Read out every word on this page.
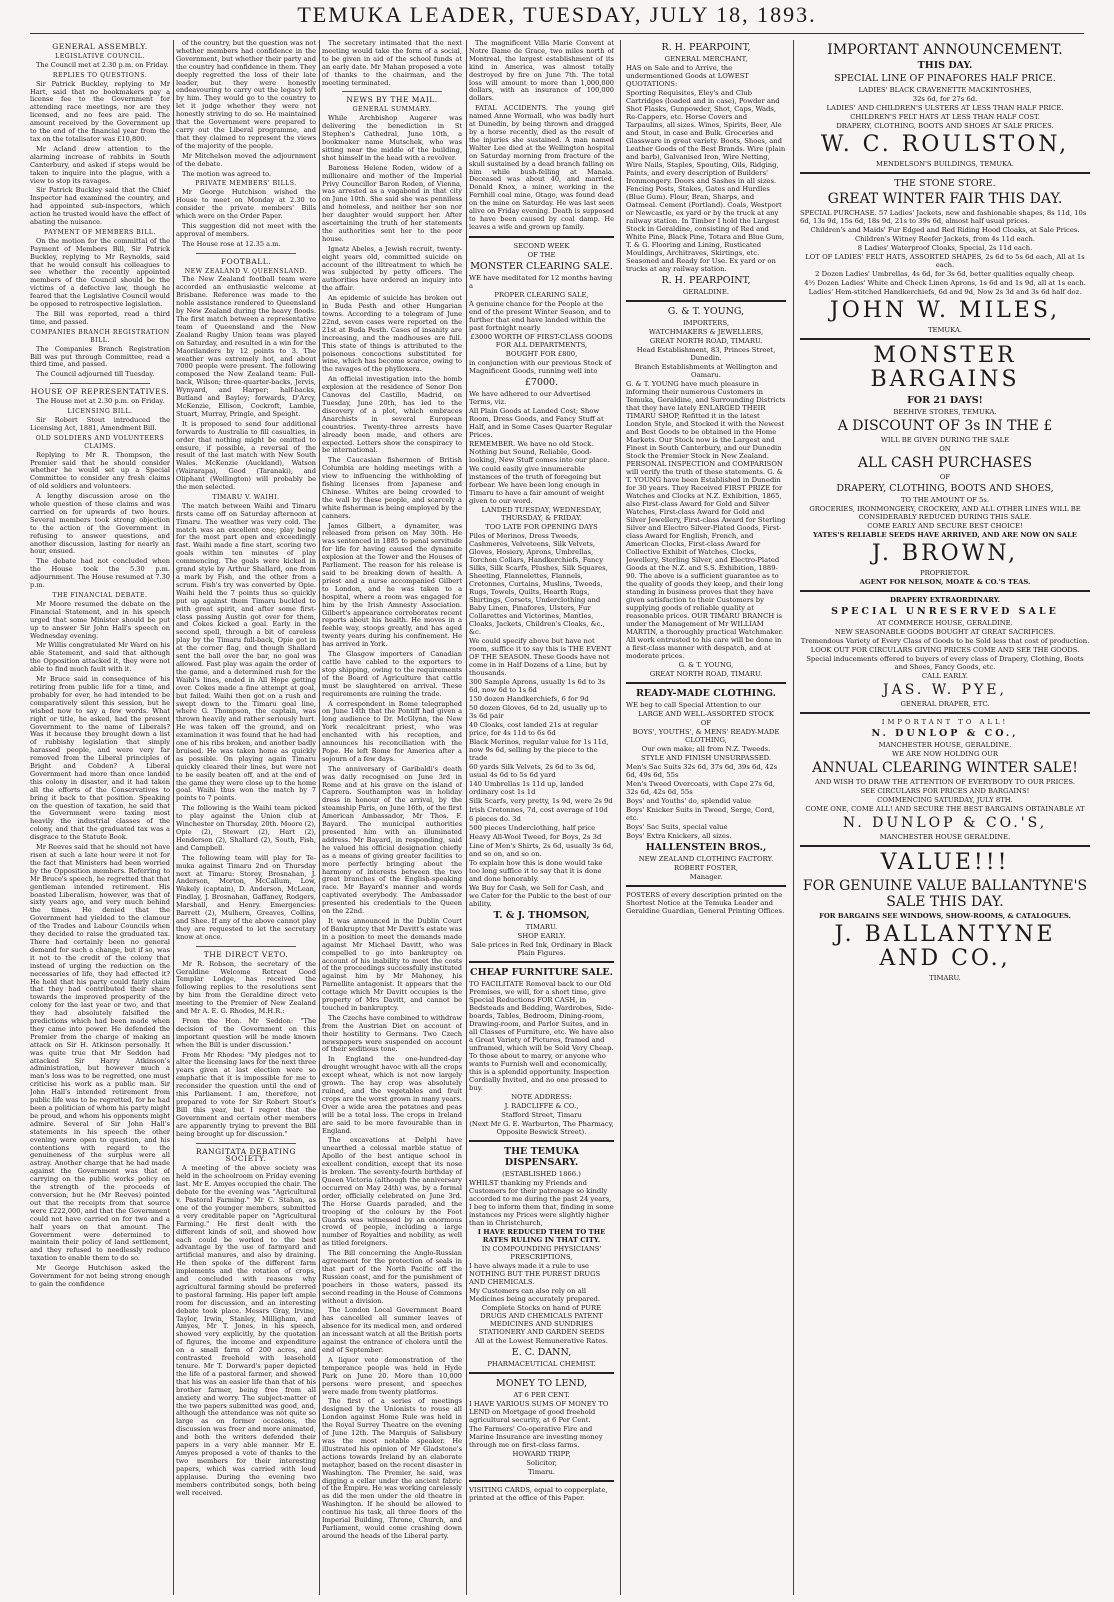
TEMUKA LEADER, TUESDAY, JULY 18, 1893.
GENERAL ASSEMBLY.
LEGISLATIVE COUNCIL.

The Council met at 2.30 p.m. on Friday.

REPLIES TO QUESTIONS.

Sir Patrick Buckley, replying to Mr Hart, said that no bookmakers pay a license fee to the Government for attending race meetings, nor are they licensed, and no fees are paid. The amount received by the Government up to the end of the financial year from the tax on the totalisator was £10,800.

Mr Acland drew attention to the alarming increase of rabbits in South Canterbury, and asked if steps would be taken to inquire into the plague, with a view to stop its ravages.

Sir Patrick Buckley said that the Chief Inspector had examined the country, and had appointed sub-inspectors, which action he trusted would have the effect of abating the nuisance.

PAYMENT OF MEMBERS BILL.

On the motion for the committal of the Payment of Members Bill, Sir Patrick Buckley, replying to Mr Reynolds, said that he would consult his colleagues to see whether the recently appointed members of the Council should be the victims of a defective law, though he feared that the Legislative Council would be opposed to retrospective legislation.

The Bill was reported, read a third time, and passed.

COMPANIES BRANCH REGISTRATION BILL.

The Companies Branch Registration Bill was put through Committee, read a third time, and passed.

The Council adjourned till Tuesday.

HOUSE OF REPRESENTATIVES.

The House met at 2.30 p.m. on Friday.

LICENSING BILL.

Sir Robert Stout introduced the Licensing Act, 1881, Amendment Bill.

OLD SOLDIERS AND VOLUNTEERS CLAIMS.

Replying to Mr R. Thompson, the Premier said that he should consider whether he would set up a Special Committee to consider any fresh claims of old soldiers and volunteers.

A lengthy discussion arose on the whole question of these claims and was carried on for upwards of two hours. Several members took strong objection to the action of the Government in refusing to answer questions, and another discussion, lasting for nearly an hour, ensued.

The debate had not concluded when the House took the 5.30 p.m. adjournment. The House resumed at 7.30 p.m.

THE FINANCIAL DEBATE.

Mr Moore resumed the debate on the Financial Statement, and in his speech urged that some Minister should be put up to answer Sir John Hall's speech on Wednesday evening.

Mr Willis congratulated Mr Ward on his able Statement, and said that although the Opposition attacked it, they were not able to find much fault with it.

Mr Bruce said in consequence of his retiring from public life for a time, and probably for ever, he had intended to be comparatively silent this session, but he wished now to say a few words. What right or title, he asked, had the present Government to the name of Liberals? Was it because they brought down a list of rubbishy legislation that simply harassed people, and were very far removed from the Liberal principles of Bright and Cobden? A Liberal Government had more than once landed this colony in disaster, and it had taken all the efforts of the Conservatives to bring it back to that position. Speaking on the question of taxation, he said that the Government were taxing most heavily the industrial classes of the colony, and that the graduated tax was a disgrace to the Statute Book.

Mr Reeves said that he should not have risen at such a late hour were it not for the fact that Ministers had been worried by the Opposition members. Referring to Mr Bruce's speech, he regretted that that gentleman intended retirement. His boasted Liberalism, however, was that of sixty years ago, and very much behind the times. He denied that the Government had yielded to the clamour of the Trades and Labour Councils when they decided to raise the graduated tax. There had certainly been no general demand for such a change, but if so, was it not to the credit of the colony that instead of urging the reduction on the necessaries of life, they had effected it? He held that his party could fairly claim that they had contributed their share towards the improved prosperity of the colony for the last year or two, and that they had absolutely falsified the predictions which had been made when they came into power. He defended the Premier from the charge of making an attack on Sir H. Atkinson personally. It was quite true that Mr Seddon had attacked Sir Harry Atkinson's administration, but however much a man's loss was to be regretted, one must criticise his work as a public man. Sir John Hall's intended retirement from public life was to be regretted, for he had been a politician of whom his party might be proud, and whom his opponents might admire. Several of Sir John Hall's statements in his speech the other evening were open to question, and his contentions with regard to the genuineness of the surplus were all astray. Another charge that he had made against the Government was that of carrying on the public works policy on the strength of the proceeds of conversion, but he (Mr Reeves) pointed out that the receipts from that source were £222,000, and that the Government could not have carried on for two and a half years on that amount. The Government were determined to maintain their policy of land settlement, and they refused to needlessly reduce taxation to enable them to do so.

Mr George Hutchison asked the Government for not being strong enough to gain the confidence

of the country, but the question was not whether members had confidence in the Government, but whether their party and the country had confidence in them. They deeply regretted the loss of their late leader, but they were honestly endeavouring to carry out the legacy left by him. They would go to the country to let it judge whether they were not honestly striving to do so. He maintained that the Government were prepared to carry out the Liberal programme, and that they claimed to represent the views of the majority of the people.

Mr Mitchelson moved the adjournment of the debate.

The motion was agreed to.

PRIVATE MEMBERS' BILLS.

Mr George Hutchison wished the House to meet on Monday at 2.30 to consider the private members' Bills which were on the Order Paper.

This suggestion did not meet with the approval of members.

The House rose at 12.35 a.m.

FOOTBALL.
NEW ZEALAND V. QUEENSLAND.

The New Zealand football team were accorded an enthusiastic welcome at Brisbane. Reference was made to the noble assistance rendered to Queensland by New Zealand during the heavy floods. The first match between a representative team of Queensland and the New Zealand Rugby Union team was played on Saturday, and resulted in a win for the Maorilanders by 12 points to 3. The weather was extremely hot, and about 7000 people were present. The following composed the New Zealand team: Full-back, Wilson; three-quarter-backs, Jervis, Wynyard, and Harper; half-backs, Butland and Bayley; forwards, D'Arcy, McKenzie, Ellison, Cockroft, Lambie, Stuart, Murray, Pringle, and Speight.

It is proposed to send four additional forwards to Australia to fill casualties, in order that nothing might be omitted to ensure, if possible, a reversal of the result of the last match with New South Wales. McKenzie (Auckland), Watson (Wairarapa), Good (Taranaki), and Oliphant (Wellington) will probably be the men selected.

TIMARU V. WAIHI.

The match between Waihi and Timaru firsts came off on Saturday afternoon at Timaru. The weather was very cold. The match was an excellent one; play being for the most part open and exceedingly fast. Waihi made a fine start, scoring two goals within ten minutes of play commencing. The goals were kicked in grand style by Arthur Shallard, one from a mark by Fish, and the other from a scrum. Fish's try was converted by Opie. Waihi held the 7 points thus so quickly put up against them Timaru buckled to with great spirit, and after some first-class passing Austin got over for them, and Cokes kicked a goal. Early in the second spell, through a bit of careless play by the Timaru full-back, Opie got in at the corner flag, and though Shallard sent the ball over the bar, no goal was allowed. Fast play was again the order of the game, and a determined rush for the Waihi's lines, ended in All Hope getting over. Cokes made a fine attempt at goal, but failed. Waihi then got on a rush and swept down to the Timaru goal line, where G. Thompson, the captain, was thrown heavily and rather seriously hurt. He was taken off the ground, and on examination it was found that he had had one of his ribs broken, and another badly bruised. He was taken home as quickly as possible. On playing again Timaru quickly cleared their lines, but were not to be easily beaten off, and at the end of the game they were close up to the home goal. Waihi thus won the match by 7 points to 7 points.

The following is the Waihi team picked to play against the Union club at Winchester on Thursday, 20th. Moore (2), Opie (2), Stewart (2), Hart (2), Henderson (2), Shallard (2), South, Fish, and Campbell.

The following team will play for Te-muka against Timaru 2nd on Thursday next at Timaru: Storey, Brosnahan, J. Anderson, Morton, McCallum, Low, Wakely (captain), D. Anderson, McLean, Findlay, J. Brosnahan, Gaffaney, Rodgers, Marshall, and Henry. Emergencies: Barrett (2), Mulhern, Greaves, Collins, and Shee. If any of the above cannot play they are requested to let the secretary know at once.

THE DIRECT VETO.

Mr R. Robson, the secretary of the Geraldine Welcome Retreat Good Templar Lodge, has received the following replies to the resolutions sent by him from the Geraldine direct veto meeting to the Premier of New Zealand and Mr A. E. G. Rhodes, M.H.R.:

From the Hon. Mr Seddon: "The decision of the Government on this important question will be made known when the Bill is under discussion."

From Mr Rhodes: "My pledges not to alter the licensing laws for the next three years given at last election were so emphatic that it is impossible for me to reconsider the question until the end of this Parliament. I am, therefore, not prepared to vote for Sir Robert Stout's Bill this year, but I regret that the Government and certain other members are apparently trying to prevent the Bill being brought up for discussion."

RANGITATA DEBATING SOCIETY.

A meeting of the above society was held in the schoolroom on Friday evening last. Mr E. Amyes occupied the chair. The debate for the evening was "Agricultural v. Pastoral Farming." Mr C. Stahan, as one of the younger members, submitted a very creditable paper on "Agricultural Farming." He first dealt with the different kinds of soil, and showed how each could be worked to the best advantage by the use of farmyard and artificial manures, and also by draining. He then spoke of the different farm implements and the rotation of crops, and concluded with reasons why agricultural farming should be preferred to pastoral farming. His paper left ample room for discussion, and an interesting debate took place. Messrs Gray, Irvine, Taylor, Irwin, Stanley, Milligham, and Amyes, Mr T. Jones, in his speech, showed very explicitly, by the quotation of figures, the income and expenditure on a small farm of 200 acres, and contrasted freehold with leasehold tenure. Mr T. Dorward's paper depicted the life of a pastoral farmer, and showed that his was an easier life than that of his brother farmer, being free from all anxiety and worry. The subject-matter of the two papers submitted was good, and, although the attendance was not quite so large as on former occasions, the discussion was freer and more animated, and both the writers defended their papers in a very able manner. Mr E. Amyes proposed a vote of thanks to the two members for their interesting papers, which was carried with loud applause. During the evening two members contributed songs, both being well received.

The secretary intimated that the next meeting would take the form of a social, to be given in aid of the school funds at an early date. Mr Mahan proposed a vote of thanks to the chairman, and the meeting terminated.

NEWS BY THE MAIL.
GENERAL SUMMARY.

While Archbishop Augerer was delivering the benediction in St Stephen's Cathedral, June 10th, a bookmaker name Mutschek, who was sitting near the middle of the building, shot himself in the head with a revolver.

Baroness Helene Roden, widow of a millionaire and mother of the Imperial Privy Councillor Baron Roden, of Vienna, was arrested as a vagabond in that city on June 10th. She said she was penniless and homeless, and neither her son nor her daughter would support her. After ascertaining the truth of her statements the authorities sent her to the poor house.

Ignatz Abeles, a Jewish recruit, twenty-eight years old, committed suicide on account of the illtreatment to which he was subjected by petty officers. The authorities have ordered an inquiry into the affair.

An epidemic of suicide has broken out in Buda Pesth and other Hungarian towns. According to a telegram of June 22nd, seven cases were reported on the 21st at Buda Pesth. Cases of insanity are increasing, and the madhouses are full. This state of things is attributed to the poisonous concoctions substituted for wine, which has become scarce, owing to the ravages of the phylloxera.

An official investigation into the bomb explosion at the residence of Senor Don Canovas del Castillo, Madrid, on Tuesday, June 20th, has led to the discovery of a plot, which embraces Anarchists in several European countries. Twenty-three arrests have already been made, and others are expected. Letters show the conspiracy to be international.

The Caucasian fishermen of British Columbia are holding meetings with a view to influencing the withholding of fishing licenses from Japanese and Chinese. Whites are being crowded to the wall by these people, and scarcely a white fisherman is being employed by the canners.

James Gilbert, a dynamiter, was released from prison on May 30th. He was sentenced in 1885 to penal servitude for life for having caused the dynamite explosion at the Tower and the Houses of Parliament. The reason for his release is said to be breaking down of health. A priest and a nurse accompanied Gilbert to London, and he was taken to a hospital, where a room was engaged for him by the Irish Amnesty Association. Gilbert's appearance corroborates recent reports about his health. He moves in a feeble way, stoops greatly, and has aged twenty years during his confinement. He has arrived in York.

The Glasgow importers of Canadian cattle have cabled to the exporters to stop shipping, owing to the requirements of the Board of Agriculture that cattle must be slaughtered on arrival. These requirements are ruining the trade.

A correspondent in Rome telegraphed on June 14th that the Pontiff had given a long audience to Dr. McGlynn, the New York recalcitrant priest, who was enchanted with his reception, and announces his reconciliation with the Pope. He left Rome for America after a sojourn of a few days.

The anniversary of Garibaldi's death was daily recognised on June 3rd in Rome and at his grave on the island of Caprera. Southampton was in holiday dress in honour of the arrival, by the steamship Paris, on June 16th, of the first American Ambassador, Mr Thos. F. Bayard. The municipal authorities presented him with an illuminated address. Mr Bayard, in responding, said he valued his official designation chiefly as a means of giving greater facilities to more perfectly bringing about the harmony of interests between the two great branches of the English-speaking race. Mr Bayard's manner and words captivated everybody. The Ambassador presented his credentials to the Queen on the 22nd.

It was announced in the Dublin Court of Bankruptcy that Mr Davitt's estate was in a position to meet the demands made against Mr Michael Davitt, who was compelled to go into bankruptcy on account of his inability to meet the costs of the proceedings successfully instituted against him by Mr Mahoney, his Parnellite antagonist. It appears that the cottage which Mr Davitt occupies is the property of Mrs Davitt, and cannot be touched in bankruptcy.

The Czechs have combined to withdraw from the Austrian Diet on account of their hostility to Germans. Two Czech newspapers were suspended on account of their seditious tone.

In England the one-hundred-day drought wrought havoc with all the crops except wheat, which is not now largely grown. The hay crop was absolutely ruined, and the vegetables and fruit crops are the worst grown in many years. Over a wide area the potatoes and peas will be a total loss. The crops in Ireland are said to be more favourable than in England.

The excavations at Delphi have unearthed a colossal marble statue of Apollo of the best antique school in excellent condition, except that its nose is broken. The seventy-fourth birthday of Queen Victoria (although the anniversary occurred on May 24th) was, by a formal order, officially celebrated on June 3rd. The Horse Guards paraded, and the trooping of the colours by the Foot Guards was witnessed by an enormous crowd of people, including a large number of Royalties and nobility, as well as titled foreigners.

The Bill concerning the Anglo-Russian agreement for the protection of seals in that part of the North Pacific off the Russian coast, and for the punishment of poachers in those waters, passed its second reading in the House of Commons without a division.

The London Local Government Board has cancelled all summer leaves of absence for its medical men, and ordered an incessant watch at all the British ports against the entrance of cholera until the end of September.

A liquor veto demonstration of the temperance people was held in Hyde Park on June 20. More than 10,000 persons were present, and speeches were made from twenty platforms.

The first of a series of meetings designed by the Unionists to rouse all London against Home Rule was held in the Royal Surrey Theatre on the evening of June 12th. The Marquis of Salisbury was the most notable speaker. He illustrated his opinion of Mr Gladstone's actions towards Ireland by an elaborate metaphor, based on the recent disaster in Washington. The Premier, he said, was digging a cellar under the ancient fabric of the Empire. He was working carelessly as did the men under the old theatre in Washington. If he should be allowed to continue his task, all three floors of the Imperial Building, Throne, Church, and Parliament, would come crashing down around the heads of the Liberal party.

The magnificent Villa Marie Convent at Notre Dame de Grace, two miles north of Montreal, the largest establishment of its kind in America, was almost totally destroyed by fire on June 7th. The total loss will amount to more than 1,000,000 dollars, with an insurance of 100,000 dollars.

FATAL ACCIDENTS. The young girl named Anne Wormall, who was badly hurt at Dunedin, by being thrown and dragged by a horse recently, died as the result of the injuries she sustained. A man named Walter Lee died at the Wellington hospital on Saturday morning from fracture of the skull sustained by a dead branch falling on him while bush-felling at Manaia. Deceased was about 40, and married. Donald Knox, a miner, working in the Fernhill coal mine, Otago, was found dead on the mine on Saturday. He was last seen alive on Friday evening. Death is supposed to have been caused by coal damp. He leaves a wife and grown up family.

SECOND WEEK
OF THE
MONSTER CLEARING SALE.
WE have meditated for 12 months having a
PROPER CLEARING SALE,
A genuine chance for the People at the end of the present Winter Season, and to further that end have landed within the past fortnight nearly
£3000 WORTH OF FIRST-CLASS GOODS FOR ALL DEPARTMENTS,
BOUGHT FOR £800,
in conjunction with our previous Stock of Magnificent Goods, running well into
£7000.
We have adhered to our Advertised Terms, viz.
All Plain Goods at Landed Cost; Show Room, Dress Goods, and Fancy Stuff at Half, and in Some Cases Quarter Regular Prices.
REMEMBER. We have no old Stock. Nothing but Sound, Reliable, Good-looking, New Stuff comes into our place.
We could easily give innumerable instances of the truth of foregoing but forbear. We have been long enough in Timaru to have a fair amount of weight given to our word.
LANDED TUESDAY, WEDNESDAY, THURSDAY, & FRIDAY.
TOO LATE FOR OPENING DAYS
Piles of Merinos, Dress Tweeds, Cashmeres, Velveteens, Silk Velvets, Gloves, Hosiery, Aprons, Umbrellas, Torchon Collars, Handkerchiefs, Fancy Silks, Silk Scarfs, Plushes, Silk Squares, Sheeting, Flannelettes, Flannels, Cretonnes, Curtains, Muslins, Tweeds, Rugs, Towels, Quilts, Hearth Rugs, Shirtings, Corsets, Underclothing and Baby Linen, Pinafores, Ulsters, Fur Collarettes and Victorines, Mantles, Cloaks, Jackets, Children's Cloaks, &c., &c.
We could specify above but have not room, suffice it to say this is THE EVENT OF THE SEASON. These Goods have not come in in Half Dozens of a Line, but by thousands.
300 Sample Aprons, usually 1s 6d to 3s 6d, now 6d to 1s 6d
150 dozen Handkerchiefs, 6 for 9d
50 dozen Gloves, 6d to 2d, usually up to 3s 6d pair
40 Cloaks, cost landed 21s at regular price, for 4s 11d to 6s 6d
Black Merinos, regular value for 1s 11d, now 9s 6d, selling by the piece to the trade
60 yards Silk Velvets, 2s 6d to 3s 6d, usual 4s 6d to 5s 6d yard
140 Umbrellas 1s 11d up, landed ordinary cost 1s 1d
Silk Scarfs, very pretty, 1s 9d, were 2s 9d
Irish Cretonnes, 7d, cost average of 10d
6 pieces do. 3d
500 pieces Underclothing, half price
Heavy All-Wool Tweed, for Boys, 2s 3d
Line of Men's Shirts, 2s 6d, usually 3s 6d, and so on, and so on.
To explain how this is done would take too long suffice it to say that it is done and done honorably.
We Buy for Cash, we Sell for Cash, and we Cater for the Public to the best of our ability.
T. & J. THOMSON,
TIMARU.
SHOP EARLY.
Sale prices in Red Ink, Ordinary in Black Plain Figures.
CHEAP FURNITURE SALE.
TO FACILITATE Removal back to our Old Premises, we will, for a short time, give Special Reductions FOR CASH, in Bedsteads and Bedding, Wardrobes, Side-boards, Tables, Bedroom, Dining-room, Drawing-room, and Parlor Suites, and in all Classes of Furniture, etc. We have also a Great Variety of Pictures, framed and unframed, which will be Sold Very Cheap. To those about to marry, or anyone who wants to Furnish well and economically, this is a splendid opportunity. Inspection Cordially Invited, and no one pressed to buy.
NOTE ADDRESS:
J. RADCLIFFE & CO.,
Stafford Street, Timaru
(Next Mr G. E. Warburton, The Pharmacy, Opposite Beswick Street).
THE TEMUKA DISPENSARY.
(ESTABLISHED 1866.)
WHILST thanking my Friends and Customers for their patronage so kindly accorded to me during the past 24 years, I beg to inform them that, finding in some instances my Prices were slightly higher than in Christchurch,
I HAVE REDUCED THEM TO THE RATES RULING IN THAT CITY.
IN COMPOUNDING PHYSICIANS' PRESCRIPTIONS,
I have always made it a rule to use NOTHING BUT THE PUREST DRUGS AND CHEMICALS.
My Customers can also rely on all Medicines being accurately prepared.
Complete Stocks on hand of PURE DRUGS AND CHEMICALS PATENT MEDICINES AND SUNDRIES STATIONERY AND GARDEN SEEDS
All at the Lowest Remunerative Rates.
E. C. DANN,
PHARMACEUTICAL CHEMIST.
MONEY TO LEND,
AT 6 PER CENT.
I HAVE VARIOUS SUMS OF MONEY TO LEND on Mortgage of good freehold agricultural security, at 6 Per Cent.
The Farmers' Co-operative Fire and Marine Insurance are investing money through me on first-class farms.
HOWARD TRIPP,
Solicitor,
Timaru.
VISITING CARDS, equal to copperplate, printed at the office of this Paper.
R. H. PEARPOINT,
GENERAL MERCHANT,
HAS on Sale and to Arrive, the undermentioned Goods at LOWEST QUOTATIONS:
Sporting Requisites, Eley's and Club Cartridges (loaded and in case), Powder and Shot Flasks, Gunpowder, Shot, Caps, Wads, Re-Cappers, etc. Horse Covers and Tarpaulins, all sizes. Wines, Spirits, Beer, Ale and Stout, in case and Bulk. Groceries and Glassware in great variety. Boots, Shoes, and Leather Goods of the Best Brands. Wire (plain and barb), Galvanised Iron, Wire Netting, Wire Nails, Staples, Spouting, Oils, Ridging, Paints, and every description of Builders' Ironmongery. Doors and Sashes in all sizes. Fencing Posts, Stakes, Gates and Hurdles (Blue Gum). Flour, Bran, Sharps, and Oatmeal. Cement (Portland). Coals, Westport or Newcastle, ex yard or by the truck at any railway station. In Timber I hold the Largest Stock in Geraldine, consisting of Red and White Pine, Black Pine, Totara and Blue Gum, T. & G. Flooring and Lining, Rusticated Mouldings, Architraves, Skirtings, etc. Seasoned and Ready for Use. Ex yard or on trucks at any railway station.
R. H. PEARPOINT,
GERALDINE.
G. & T. YOUNG,
IMPORTERS,
WATCHMAKERS & JEWELLERS,
GREAT NORTH ROAD, TIMARU.
Head Establishment, 83, Princes Street, Dunedin.
Branch Establishments at Wellington and Oamaru.
G. & T. YOUNG have much pleasure in informing their numerous Customers in Temuka, Geraldine, and Surrounding Districts that they have lately ENLARGED THEIR TIMARU SHOP, Refitted it in the latest London Style, and Stocked it with the Newest and Best Goods to be obtained in the Home Markets. Our Stock now is the Largest and Finest in South Canterbury, and our Dunedin Stock the Premier Stock in New Zealand. PERSONAL INSPECTION and COMPARISON will verify the truth of these statements. G. & T. YOUNG have been Established in Dunedin for 30 years. They Received FIRST PRIZE for Watches and Clocks at N.Z. Exhibition, 1865, also First-class Award for Gold and Silver Watches, First-class Award for Gold and Silver Jewellery, First-class Award for Sterling Silver and Electro Silver-Plated Goods, First-class Award for English, French, and American Clocks, First-class Award for Collective Exhibit of Watches, Clocks, Jewellery, Sterling Silver, and Electro-Plated Goods at the N.Z. and S.S. Exhibition, 1889-90. The above is a sufficient guarantee as to the quality of goods they keep, and their long standing in business proves that they have given satisfaction to their Customers by supplying goods of reliable quality at reasonable prices. OUR TIMARU BRANCH is under the Management of Mr WILLIAM MARTIN, a thoroughly practical Watchmaker. All work entrusted to his care will be done in a first-class manner with despatch, and at moderate prices.
G. & T. YOUNG,
GREAT NORTH ROAD, TIMARU.
READY-MADE CLOTHING.
WE beg to call Special Attention to our
LARGE AND WELL-ASSORTED STOCK
OF
BOYS', YOUTHS', & MENS' READY-MADE CLOTHING,
Our own make; all from N.Z. Tweeds.
STYLE AND FINISH UNSURPASSED.
Men's Sac Suits 32s 6d, 37s 6d, 39s 6d, 42s 6d, 49s 6d, 55s
Men's Tweed Overcoats, with Cape 27s 6d, 32s 6d, 42s 6d, 55s
Boys' and Youths' do, splendid value
Boys' Knicker Suits in Tweed, Serge, Cord, etc.
Boys' Sac Suits, special value
Boys' Extra Knickers, all sizes.
HALLENSTEIN BROS.,
NEW ZEALAND CLOTHING FACTORY.
ROBERT FOSTER,
Manager.
POSTERS of every description printed on the Shortest Notice at the Temuka Leader and Geraldine Guardian, General Printing Offices.
IMPORTANT ANNOUNCEMENT.
THIS DAY.
SPECIAL LINE OF PINAFORES HALF PRICE.
LADIES' BLACK CRAVENETTE MACKINTOSHES,
32s 6d, for 27s 6d.
LADIES' AND CHILDREN'S ULSTERS AT LESS THAN HALF PRICE.
CHILDREN'S FELT HATS AT LESS THAN HALF COST.
DRAPERY, CLOTHING, BOOTS AND SHOES AT SALE PRICES.
W. C. ROULSTON,
MENDELSON'S BUILDINGS, TEMUKA.
THE STONE STORE.
GREAT WINTER FAIR THIS DAY.
SPECIAL PURCHASE. 57 Ladies' Jackets, new and fashionable shapes, 8s 11d, 10s 6d, 13s 9d, 15s 6d, 18s 9d, 21s to 39s 6d, almost half usual prices.
Children's and Maids' Fur Edged and Red Riding Hood Cloaks, at Sale Prices.
Children's Witney Reefer Jackets, from 4s 11d each.
8 Ladies' Waterproof Cloaks, Special, 2s 11d each.
LOT OF LADIES' FELT HATS, ASSORTED SHAPES, 2s 6d to 5s 6d each, All at 1s each.
2 Dozen Ladies' Umbrellas, 4s 6d, for 3s 6d, better qualities equally cheap.
4½ Dozen Ladies' White and Check Linen Aprons, 1s 6d and 1s 9d, all at 1s each.
Ladies' Hem-stitched Handkerchiefs, 6d and 9d, Now 2s 3d and 3s 6d half doz.
JOHN W. MILES,
TEMUKA.
MONSTER BARGAINS
FOR 21 DAYS!
BEEHIVE STORES, TEMUKA.
A DISCOUNT OF 3s IN THE £
WILL BE GIVEN DURING THE SALE
ON
ALL CASH PURCHASES
OF
DRAPERY, CLOTHING, BOOTS AND SHOES,
TO THE AMOUNT OF 5s.
GROCERIES, IRONMONGERY, CROCKERY, AND ALL OTHER LINES WILL BE CONSIDERABLY REDUCED DURING THIS SALE.
COME EARLY AND SECURE BEST CHOICE!
YATES'S RELIABLE SEEDS HAVE ARRIVED, AND ARE NOW ON SALE
J. BROWN,
PROPRIETOR.
AGENT FOR NELSON, MOATE & CO.'S TEAS.
DRAPERY EXTRAORDINARY.
SPECIAL UNRESERVED SALE
AT COMMERCE HOUSE, GERALDINE.
NEW SEASONABLE GOODS BOUGHT AT GREAT SACRIFICES.
Tremendous Variety of Every Class of Goods to be Sold less that cost of production.
LOOK OUT FOR CIRCULARS GIVING PRICES COME AND SEE THE GOODS.
Special inducements offered to buyers of every class of Drapery, Clothing, Boots and Shoes, Fancy Goods, etc.
CALL EARLY.
JAS. W. PYE,
GENERAL DRAPER, ETC.
IMPORTANT TO ALL!
N. DUNLOP & CO.,
MANCHESTER HOUSE, GERALDINE.
WE ARE NOW HOLDING OUR
ANNUAL CLEARING WINTER SALE!
AND WISH TO DRAW THE ATTENTION OF EVERYBODY TO OUR PRICES.
SEE CIRCULARS FOR PRICES AND BARGAINS!
COMMENCING SATURDAY, JULY 8TH.
COME ONE, COME ALL! AND SECURE THE BEST BARGAINS OBTAINABLE AT
N. DUNLOP & CO.'S,
MANCHESTER HOUSE GERALDINE.
VALUE!!!
FOR GENUINE VALUE BALLANTYNE'S SALE THIS DAY.
FOR BARGAINS SEE WINDOWS, SHOW-ROOMS, & CATALOGUES.
J. BALLANTYNE AND CO.,
TIMARU.
